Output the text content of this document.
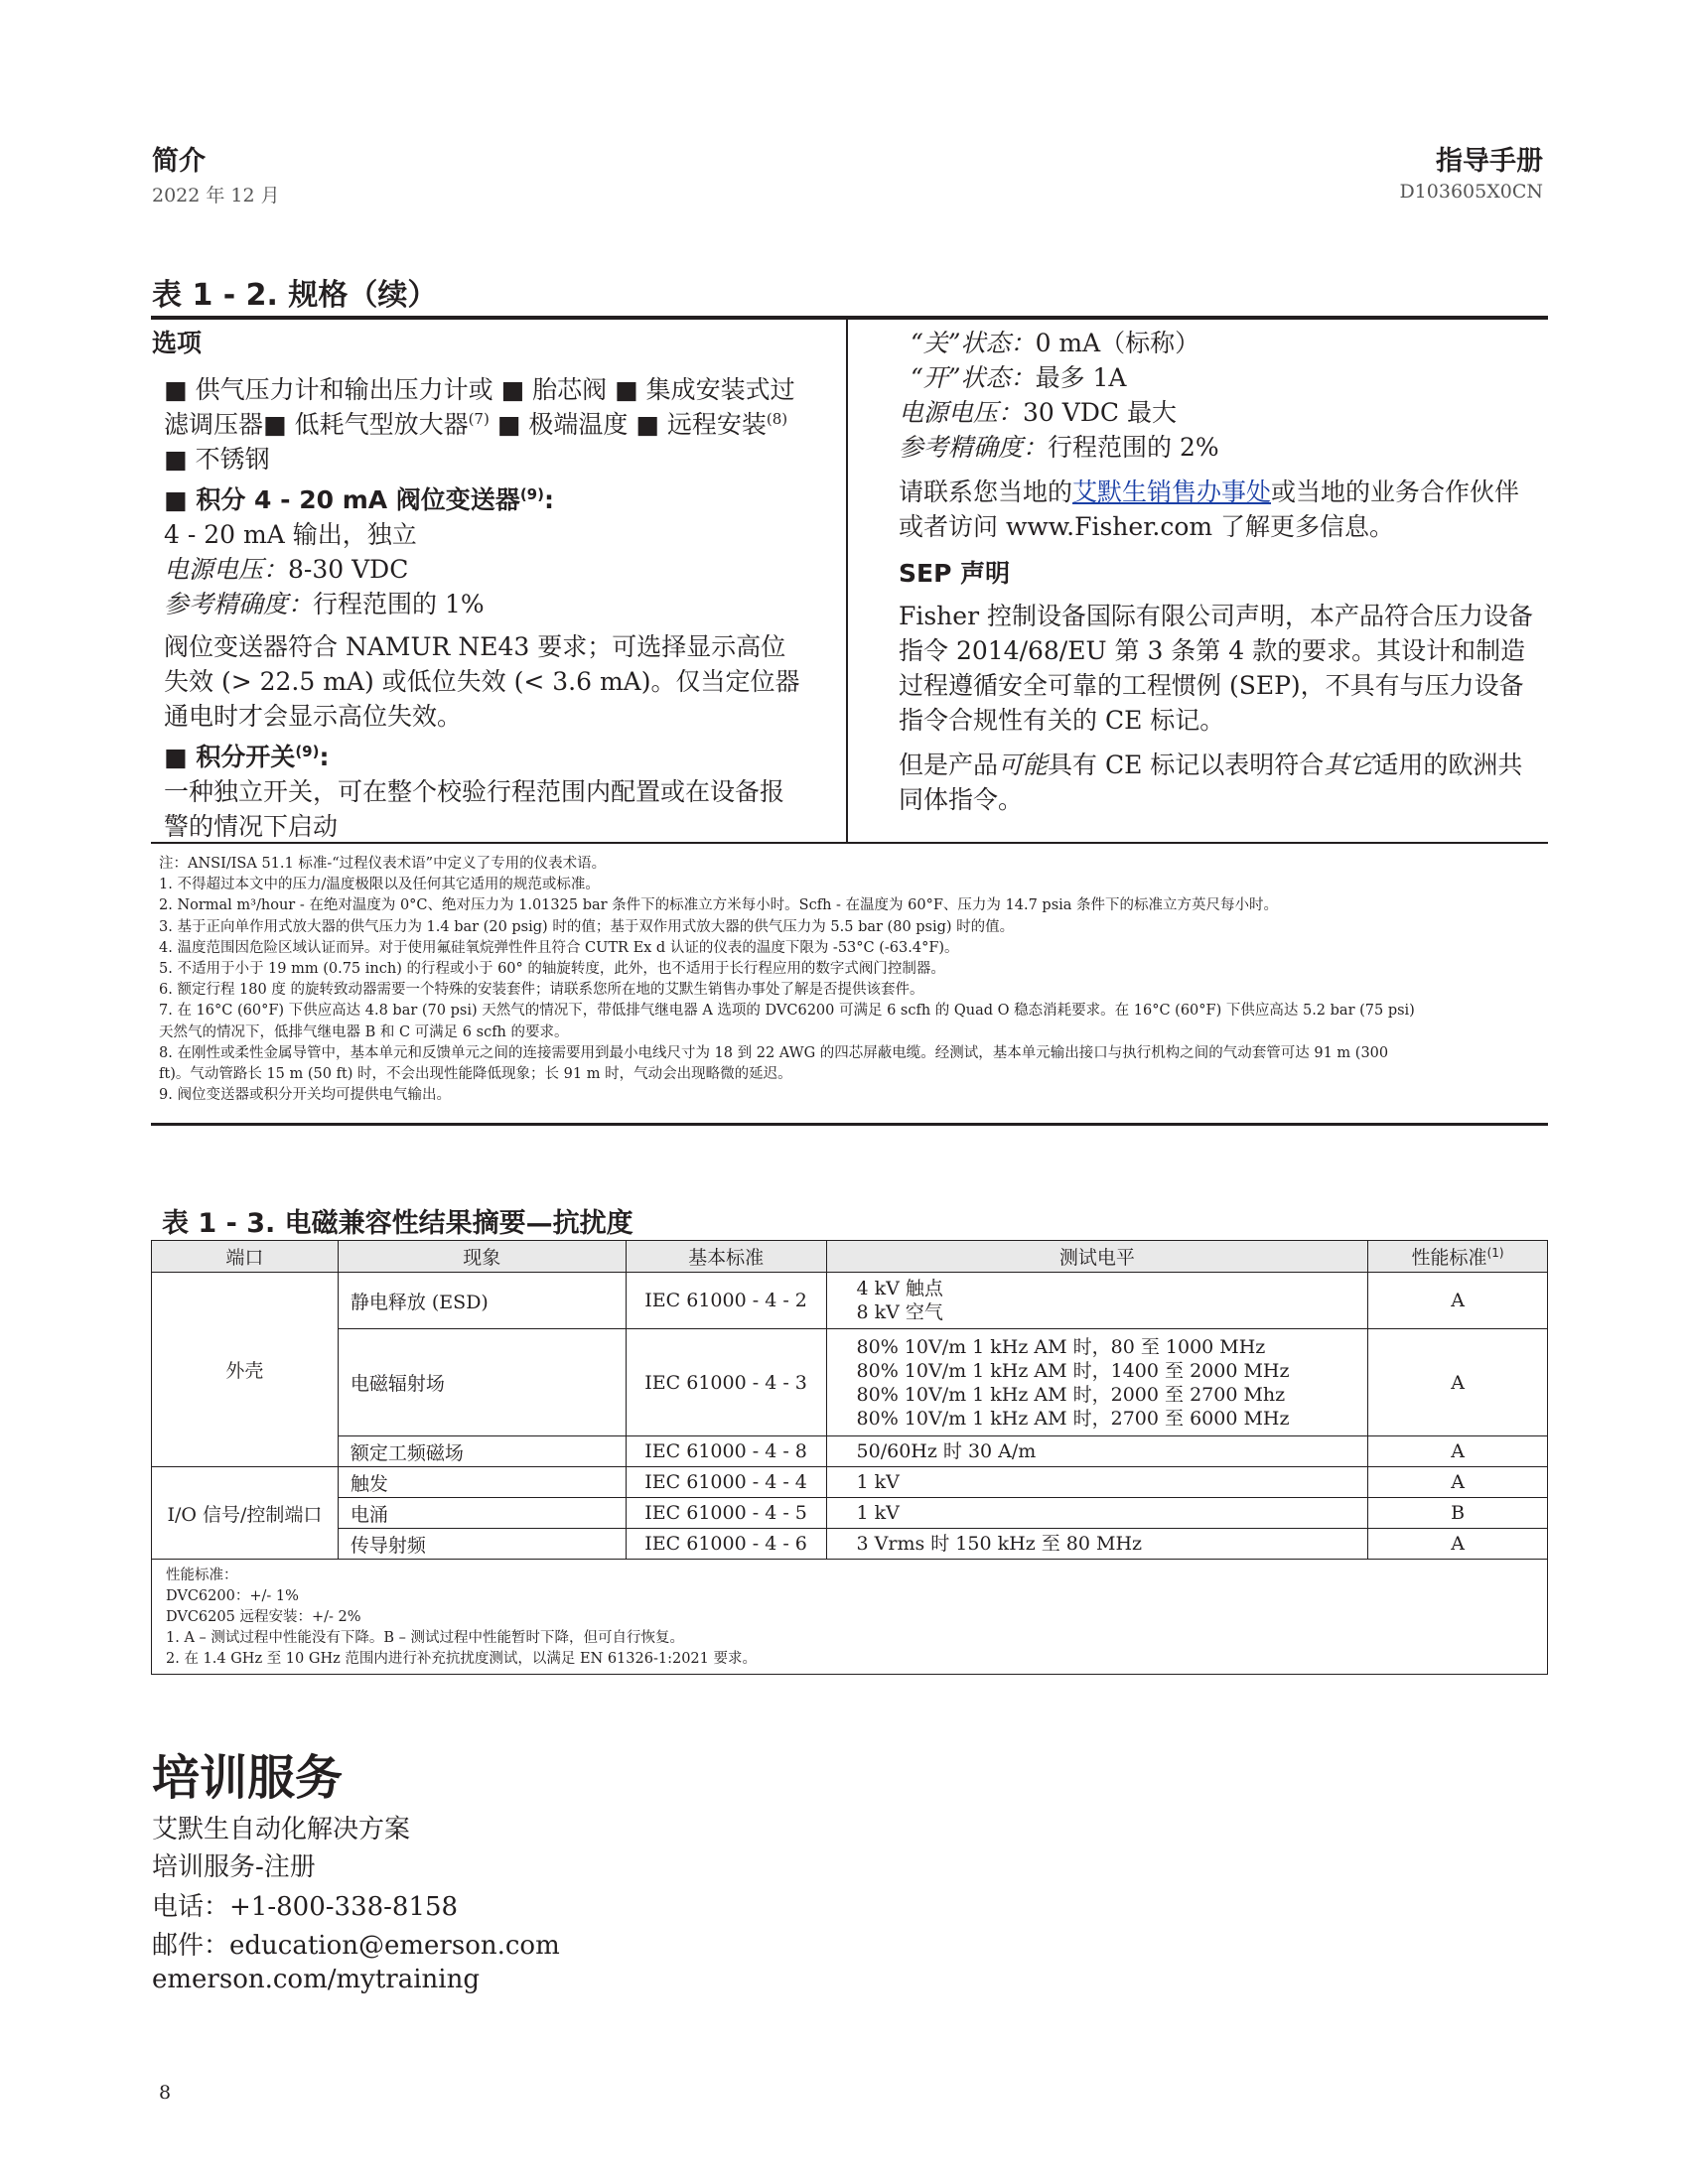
简介
2022 年 12 月
指导手册
D103605X0CN
表 1 - 2. 规格（续）

选项

■ 供气压力计和输出压力计或 ■ 胎芯阀 ■ 集成安装式过滤调压器■ 低耗气型放大器$^{(7)}$ ■ 极端温度 ■ 远程安装$^{(8)}$ ■ 不锈钢

■ 积分 4 - 20 mA 阀位变送器$^{(9)}$:

4 - 20 mA 输出，独立

电源电压：8-30 VDC

参考精确度：行程范围的 1%

阀位变送器符合 NAMUR NE43 要求；可选择显示高位失效 (> 22.5 mA) 或低位失效 (< 3.6 mA)。仅当定位器通电时才会显示高位失效。

■ 积分开关$^{(9)}$:

一种独立开关，可在整个校验行程范围内配置或在设备报警的情况下启动

“关”状态：0 mA（标称）

“开”状态：最多 1A

电源电压：30 VDC 最大

参考精确度：行程范围的 2%

请联系您当地的艾默生销售办事处或当地的业务合作伙伴或者访问 www.Fisher.com 了解更多信息。

SEP 声明

Fisher 控制设备国际有限公司声明，本产品符合压力设备指令 2014/68/EU 第 3 条第 4 款的要求。其设计和制造过程遵循安全可靠的工程惯例 (SEP)，不具有与压力设备指令合规性有关的 CE 标记。

但是产品可能具有 CE 标记以表明符合其它适用的欧洲共同体指令。

注：ANSI/ISA 51.1 标准-“过程仪表术语”中定义了专用的仪表术语。
1. 不得超过本文中的压力/温度极限以及任何其它适用的规范或标准。
2. Normal m³/hour - 在绝对温度为 0°C、绝对压力为 1.01325 bar 条件下的标准立方米每小时。Scfh - 在温度为 60°F、压力为 14.7 psia 条件下的标准立方英尺每小时。
3. 基于正向单作用式放大器的供气压力为 1.4 bar (20 psig) 时的值；基于双作用式放大器的供气压力为 5.5 bar (80 psig) 时的值。
4. 温度范围因危险区域认证而异。对于使用氟硅氧烷弹性件且符合 CUTR Ex d 认证的仪表的温度下限为 -53°C (-63.4°F)。
5. 不适用于小于 19 mm (0.75 inch) 的行程或小于 60° 的轴旋转度，此外，也不适用于长行程应用的数字式阀门控制器。
6. 额定行程 180 度 的旋转致动器需要一个特殊的安装套件；请联系您所在地的艾默生销售办事处了解是否提供该套件。
7. 在 16°C (60°F) 下供应高达 4.8 bar (70 psi) 天然气的情况下，带低排气继电器 A 选项的 DVC6200 可满足 6 scfh 的 Quad O 稳态消耗要求。在 16°C (60°F) 下供应高达 5.2 bar (75 psi)
天然气的情况下，低排气继电器 B 和 C 可满足 6 scfh 的要求。
8. 在刚性或柔性金属导管中，基本单元和反馈单元之间的连接需要用到最小电线尺寸为 18 到 22 AWG 的四芯屏蔽电缆。经测试，基本单元输出接口与执行机构之间的气动套管可达 91 m (300
ft)。气动管路长 15 m (50 ft) 时，不会出现性能降低现象；长 91 m 时，气动会出现略微的延迟。
9. 阀位变送器或积分开关均可提供电气输出。
表 1 - 3. 电磁兼容性结果摘要—抗扰度
端口	现象	基本标准	测试电平	性能标准$^{(1)}$
外壳	静电释放 (ESD)	IEC 61000 - 4 - 2	4 kV 触点
8 kV 空气	A
	电磁辐射场	IEC 61000 - 4 - 3	80% 10V/m 1 kHz AM 时，80 至 1000 MHz
80% 10V/m 1 kHz AM 时，1400 至 2000 MHz
80% 10V/m 1 kHz AM 时，2000 至 2700 Mhz
80% 10V/m 1 kHz AM 时，2700 至 6000 MHz	A
	额定工频磁场	IEC 61000 - 4 - 8	50/60Hz 时 30 A/m	A
I/O 信号/控制端口	触发	IEC 61000 - 4 - 4	1 kV	A
	电涌	IEC 61000 - 4 - 5	1 kV	B
	传导射频	IEC 61000 - 4 - 6	3 Vrms 时 150 kHz 至 80 MHz	A

性能标准：
DVC6200：+/- 1%
DVC6205 远程安装：+/- 2%
1. A – 测试过程中性能没有下降。B – 测试过程中性能暂时下降，但可自行恢复。
2. 在 1.4 GHz 至 10 GHz 范围内进行补充抗扰度测试，以满足 EN 61326-1:2021 要求。				
培训服务
艾默生自动化解决方案
培训服务-注册
电话：+1-800-338-8158
邮件：education@emerson.com
emerson.com/mytraining
8
